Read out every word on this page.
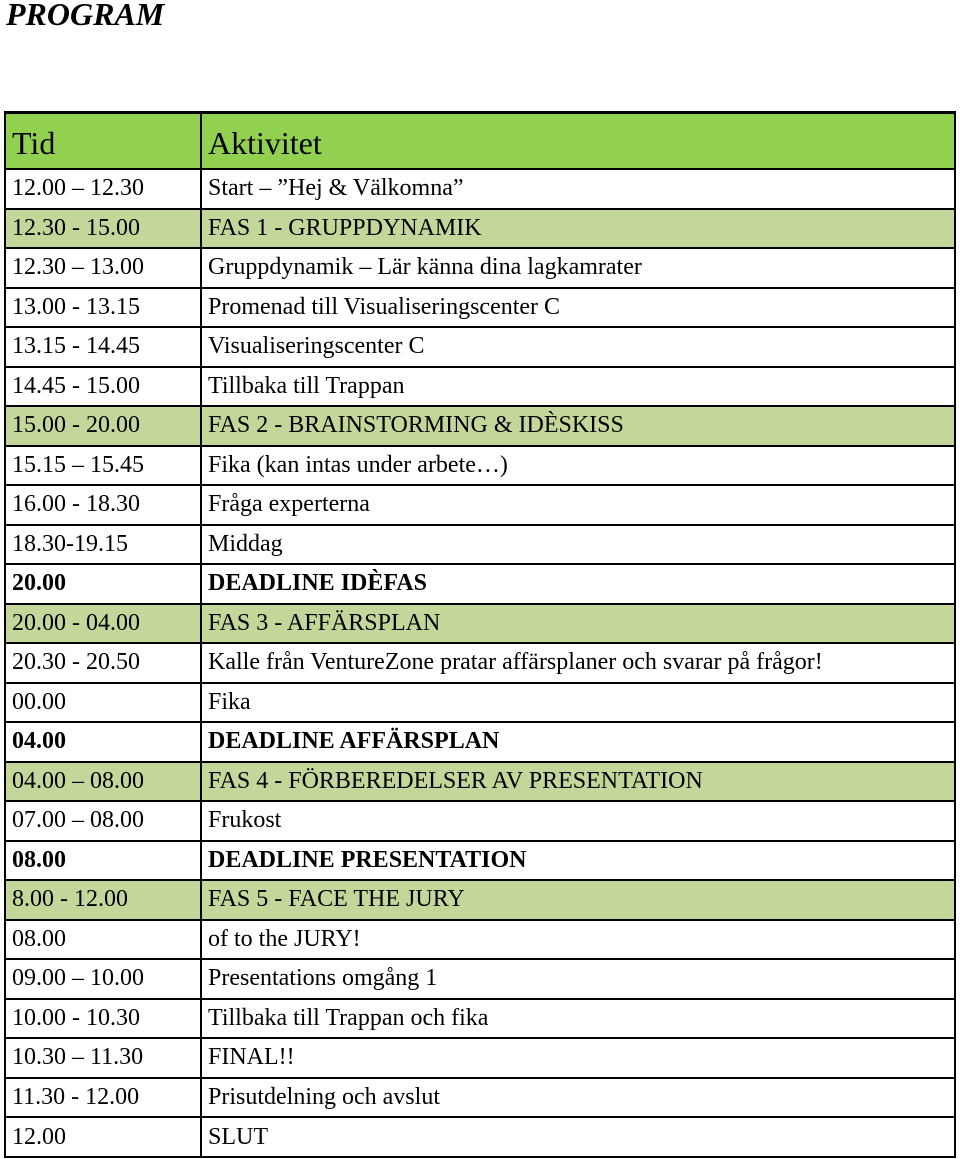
PROGRAM
Tid	Aktivitet
12.00 – 12.30	Start – ”Hej & Välkomna”
12.30 - 15.00	FAS 1 - GRUPPDYNAMIK
12.30 – 13.00	Gruppdynamik – Lär känna dina lagkamrater
13.00 - 13.15	Promenad till Visualiseringscenter C
13.15 - 14.45	Visualiseringscenter C
14.45 - 15.00	Tillbaka till Trappan
15.00 - 20.00	FAS 2 - BRAINSTORMING & IDÈSKISS
15.15 – 15.45	Fika (kan intas under arbete…)
16.00 - 18.30	Fråga experterna
18.30-19.15	Middag
20.00	DEADLINE IDÈFAS
20.00 - 04.00	FAS 3 - AFFÄRSPLAN
20.30 - 20.50	Kalle från VentureZone pratar affärsplaner och svarar på frågor!
00.00	Fika
04.00	DEADLINE AFFÄRSPLAN
04.00 – 08.00	FAS 4 - FÖRBEREDELSER AV PRESENTATION
07.00 – 08.00	Frukost
08.00	DEADLINE PRESENTATION
8.00 - 12.00	FAS 5 - FACE THE JURY
08.00	of to the JURY!
09.00 – 10.00	Presentations omgång 1
10.00 - 10.30	Tillbaka till Trappan och fika
10.30 – 11.30	FINAL!!
11.30 - 12.00	Prisutdelning och avslut
12.00	SLUT
